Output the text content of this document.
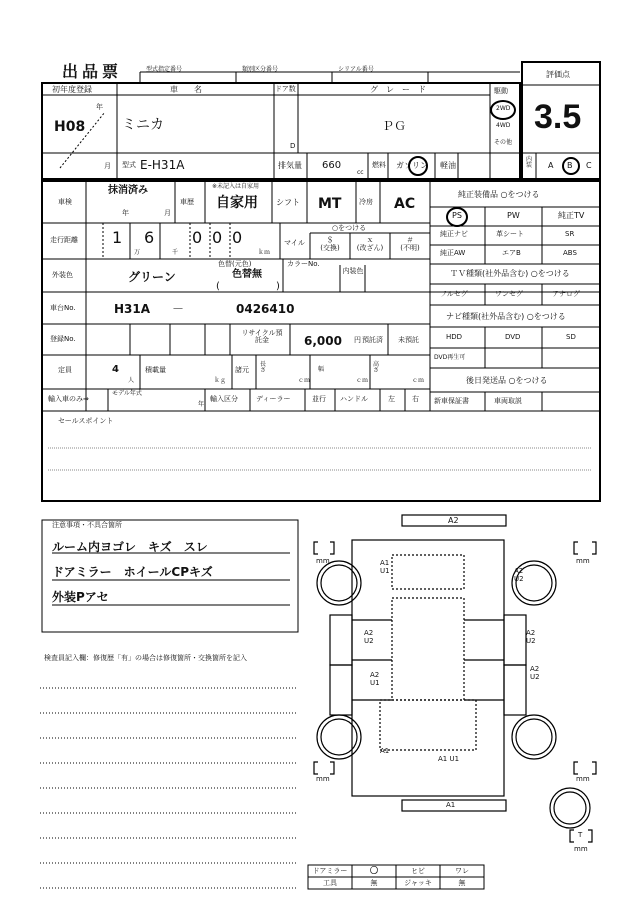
出品票	型式指定番号	類別区分番号	シリアル番号
評価点
3.5
初年度登録
年
H08
月
車　　名
ミニカ
ドア数
D
グ　レ　ー　ド
ＰＧ
駆動
2WD
4WD
その他
型式 E-H31A	排気量 660
cc
燃料 ガソリン 軽油
内装 A B C
車検
抹消済み
年	月
車歴
※未記入は自家用
自家用 シフト MT	冷房 AC
純正装備品 ○をつける
PS	PW	純正TV
純正ナビ	革シート	SR
純正AW	エアB	ABS
ＴＶ種類(社外品含む) ○をつける
フルセグ	ワンセグ	アナログ
ナビ種類(社外品含む) ○をつける
HDD	DVD	SD
DVD再生可
後日発送品 ○をつける
新車保証書	車両取説
走行距離 1
万
6
千
0 0 0
ｋｍ
マイル
○をつける
＄
(交換)
ｘ
(改ざん)
＃
(不明)
外装色	グリーン
色替(元色)
色替無
(	)
カラーNo.
内装色
車台No.	H31A －	0426410
登録No.
リサイクル預託金	6,000 円 預託済 未預託
定員	4
人
積載量
ｋｇ
諸元
長さ
ｃｍ
幅
ｃｍ
高さ
ｃｍ
輸入車のみ⇒
モデル年式
年
輸入区分	ディーラー	並行 ハンドル	左 右
セールスポイント
注意事項・不具合箇所
ルーム内ヨゴレ　キズ　スレ
ドアミラー　ホイールCPキズ
外装Pアセ
検査員記入欄：修復歴「有」の場合は修復箇所・交換箇所を記入
A2
A1
U1	A2
U2
A2
U2
A2
U2
A2
U1
A2
U2
A1
A1 U1
A1
mm	mm
mm	mm
T
mm
ドアミラー	〇	ヒビ	ワレ
工具	無	ジャッキ	無
